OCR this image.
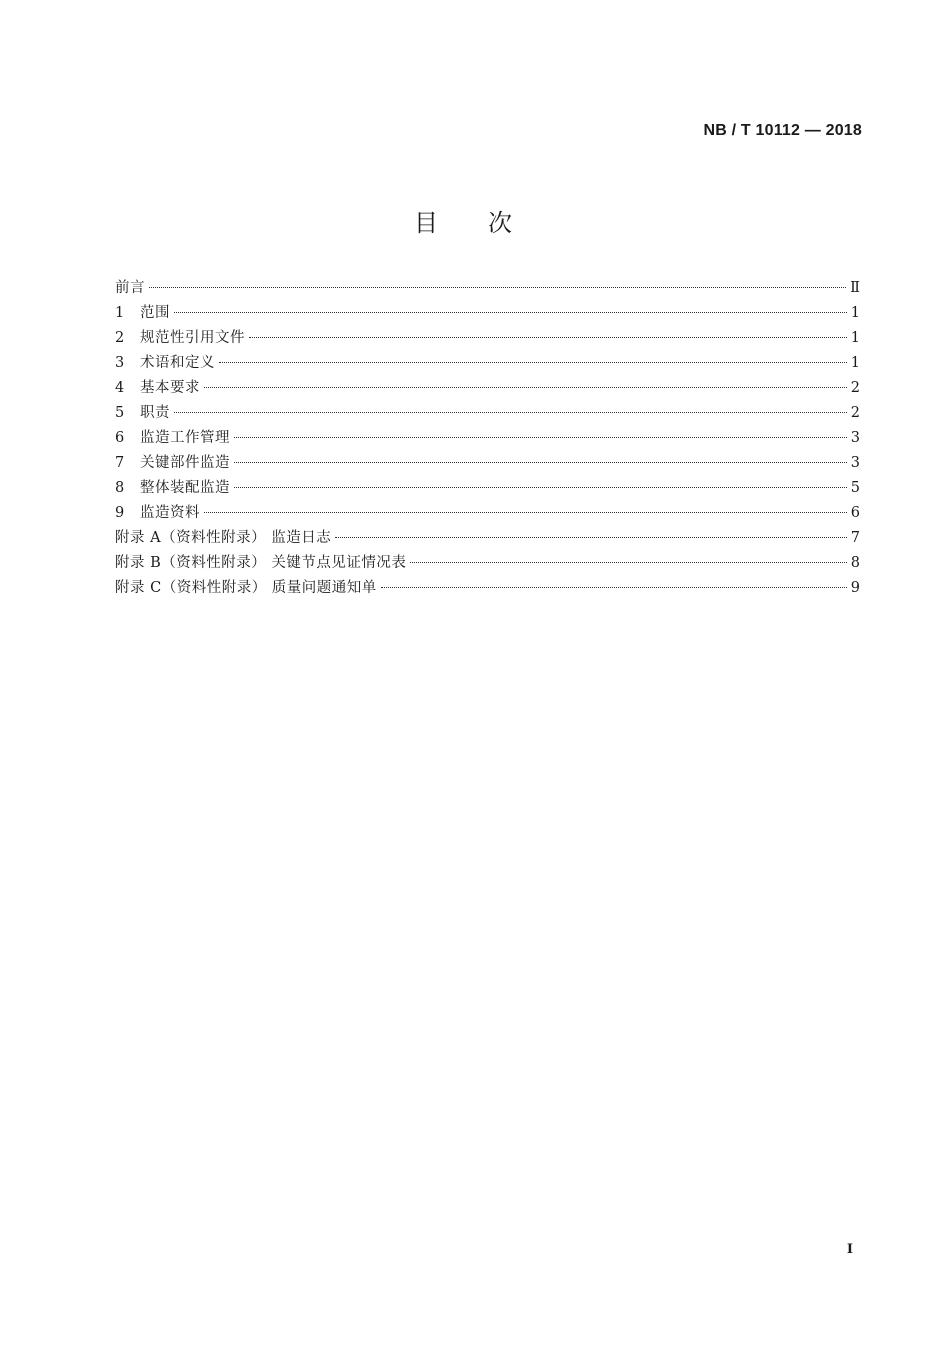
NB / T 10112 — 2018
目次
前言	Ⅱ
1	范围	1
2	规范性引用文件	1
3	术语和定义	1
4	基本要求	2
5	职责	2
6	监造工作管理	3
7	关键部件监造	3
8	整体装配监造	5
9	监造资料	6
附录 A（资料性附录） 监造日志	7
附录 B（资料性附录） 关键节点见证情况表	8
附录 C（资料性附录） 质量问题通知单	9
I
